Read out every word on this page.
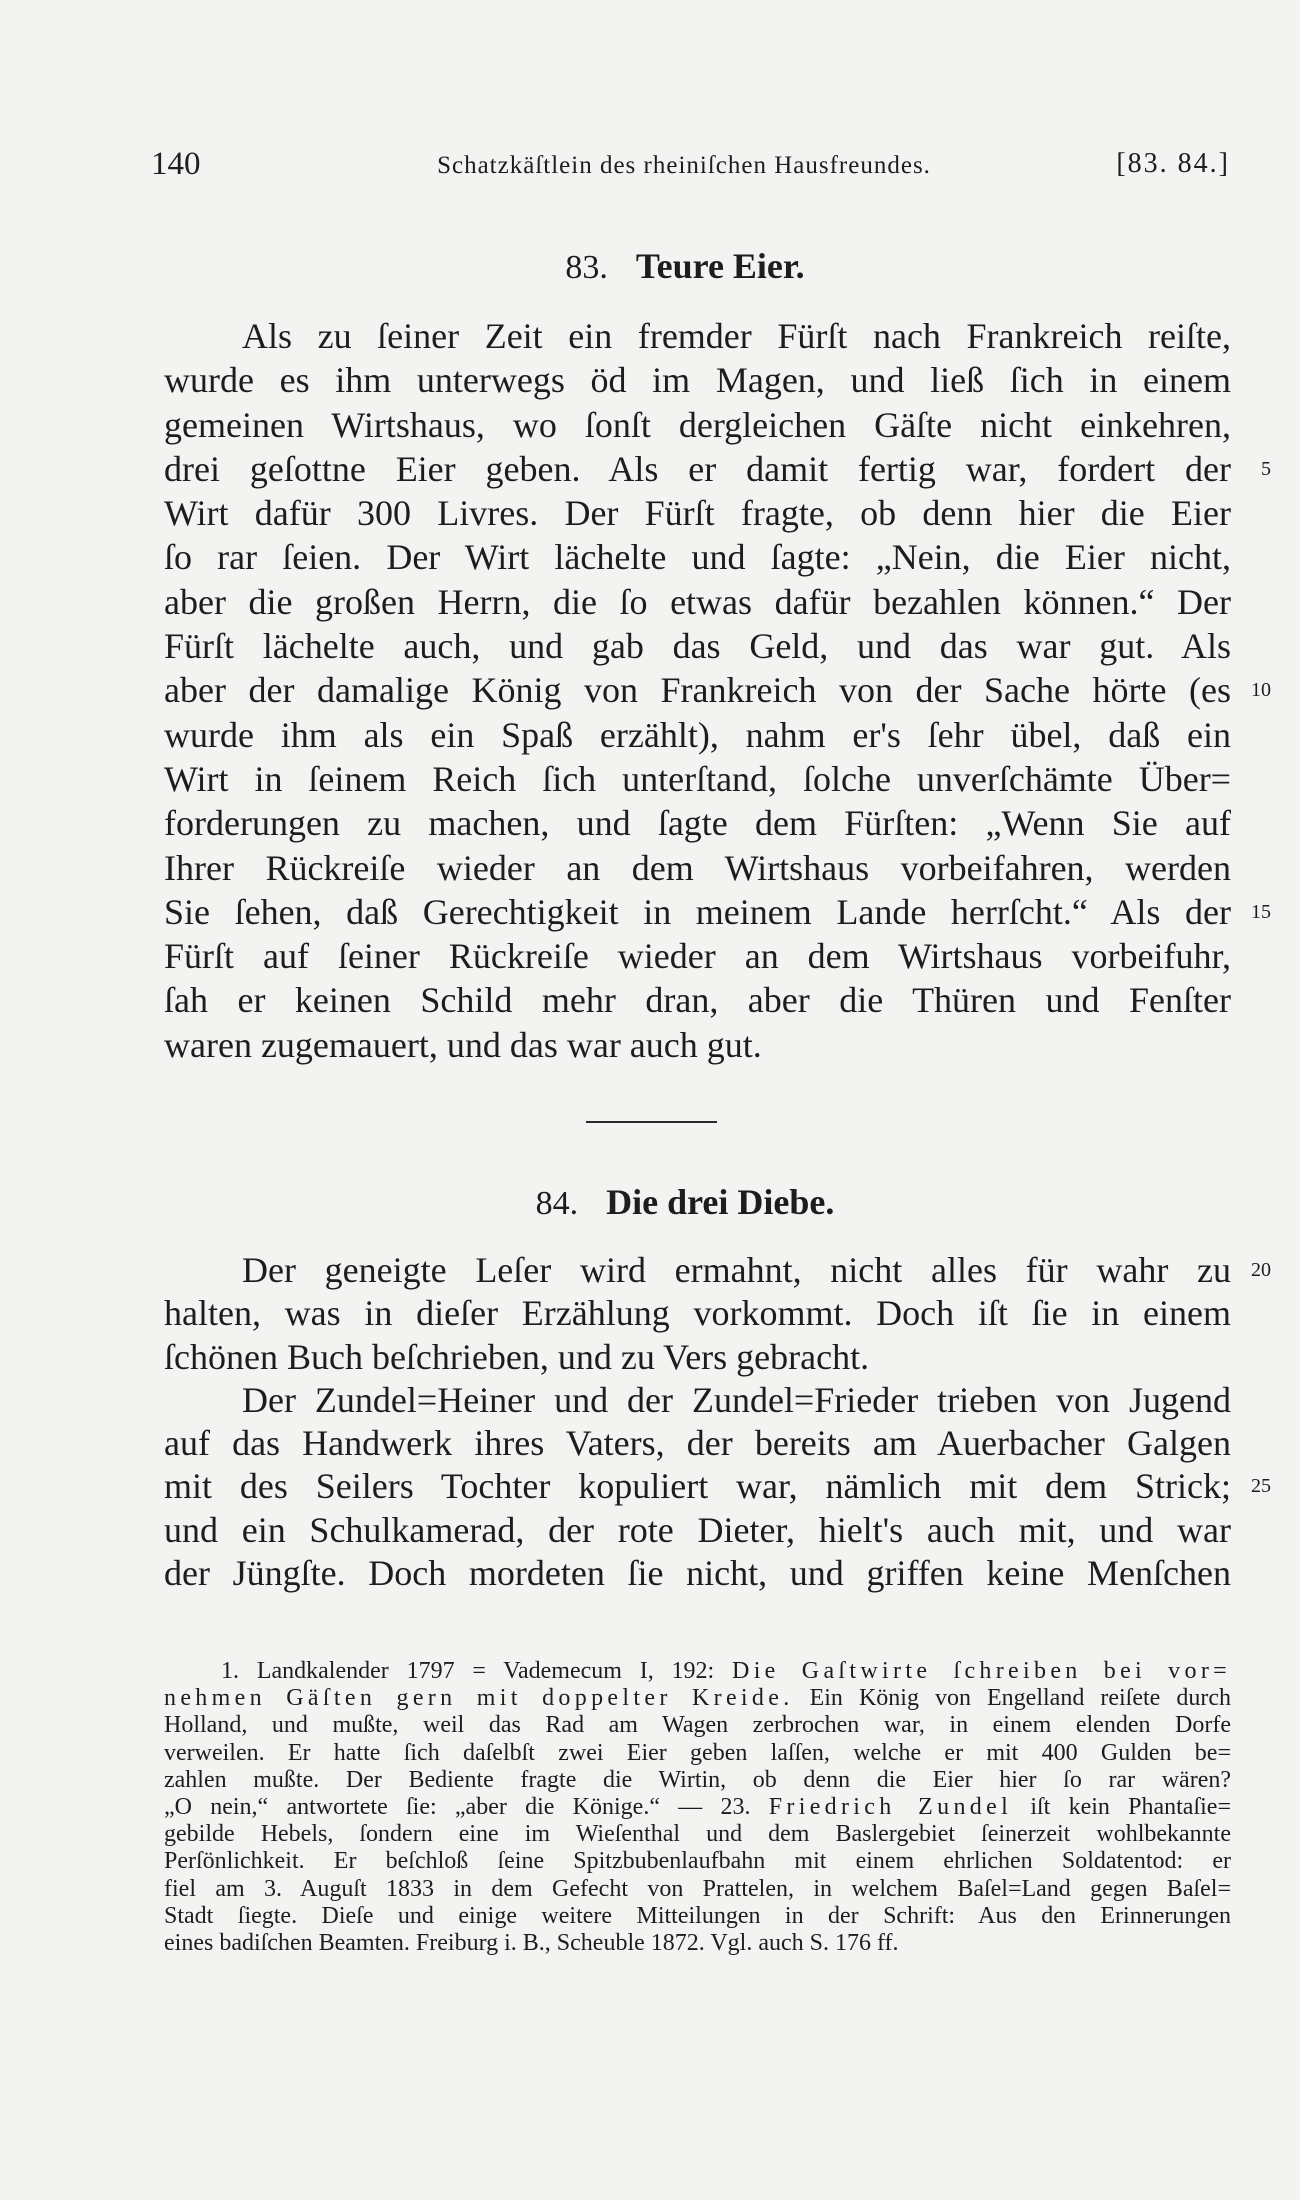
140	Schatzkäſtlein des rheiniſchen Hausfreundes.	[83. 84.]
83. Teure Eier.
Als zu ſeiner Zeit ein fremder Fürſt nach Frankreich reiſte,
wurde es ihm unterwegs öd im Magen, und ließ ſich in einem
gemeinen Wirtshaus, wo ſonſt dergleichen Gäſte nicht einkehren,
drei geſottne Eier geben. Als er damit fertig war, fordert der 5
Wirt dafür 300 Livres. Der Fürſt fragte, ob denn hier die Eier
ſo rar ſeien. Der Wirt lächelte und ſagte: „Nein, die Eier nicht,
aber die großen Herrn, die ſo etwas dafür bezahlen können.“ Der
Fürſt lächelte auch, und gab das Geld, und das war gut. Als
aber der damalige König von Frankreich von der Sache hörte (es 10
wurde ihm als ein Spaß erzählt), nahm er's ſehr übel, daß ein
Wirt in ſeinem Reich ſich unterſtand, ſolche unverſchämte Über=
forderungen zu machen, und ſagte dem Fürſten: „Wenn Sie auf
Ihrer Rückreiſe wieder an dem Wirtshaus vorbeifahren, werden
Sie ſehen, daß Gerechtigkeit in meinem Lande herrſcht.“ Als der 15
Fürſt auf ſeiner Rückreiſe wieder an dem Wirtshaus vorbeifuhr,
ſah er keinen Schild mehr dran, aber die Thüren und Fenſter
waren zugemauert, und das war auch gut.
84. Die drei Diebe.
Der geneigte Leſer wird ermahnt, nicht alles für wahr zu 20
halten, was in dieſer Erzählung vorkommt. Doch iſt ſie in einem
ſchönen Buch beſchrieben, und zu Vers gebracht.
Der Zundel=Heiner und der Zundel=Frieder trieben von Jugend
auf das Handwerk ihres Vaters, der bereits am Auerbacher Galgen
mit des Seilers Tochter kopuliert war, nämlich mit dem Strick; 25
und ein Schulkamerad, der rote Dieter, hielt's auch mit, und war
der Jüngſte. Doch mordeten ſie nicht, und griffen keine Menſchen
1. Landkalender 1797 = Vademecum I, 192: Die Gaſtwirte ſchreiben bei vor=
nehmen Gäſten gern mit doppelter Kreide. Ein König von Engelland reiſete durch
Holland, und mußte, weil das Rad am Wagen zerbrochen war, in einem elenden Dorfe
verweilen. Er hatte ſich daſelbſt zwei Eier geben laſſen, welche er mit 400 Gulden be=
zahlen mußte. Der Bediente fragte die Wirtin, ob denn die Eier hier ſo rar wären?
„O nein,“ antwortete ſie: „aber die Könige.“ — 23. Friedrich Zundel iſt kein Phantaſie=
gebilde Hebels, ſondern eine im Wieſenthal und dem Baslergebiet ſeinerzeit wohlbekannte
Perſönlichkeit. Er beſchloß ſeine Spitzbubenlaufbahn mit einem ehrlichen Soldatentod: er
fiel am 3. Auguſt 1833 in dem Gefecht von Prattelen, in welchem Baſel=Land gegen Baſel=
Stadt ſiegte. Dieſe und einige weitere Mitteilungen in der Schrift: Aus den Erinnerungen
eines badiſchen Beamten. Freiburg i. B., Scheuble 1872. Vgl. auch S. 176 ff.
